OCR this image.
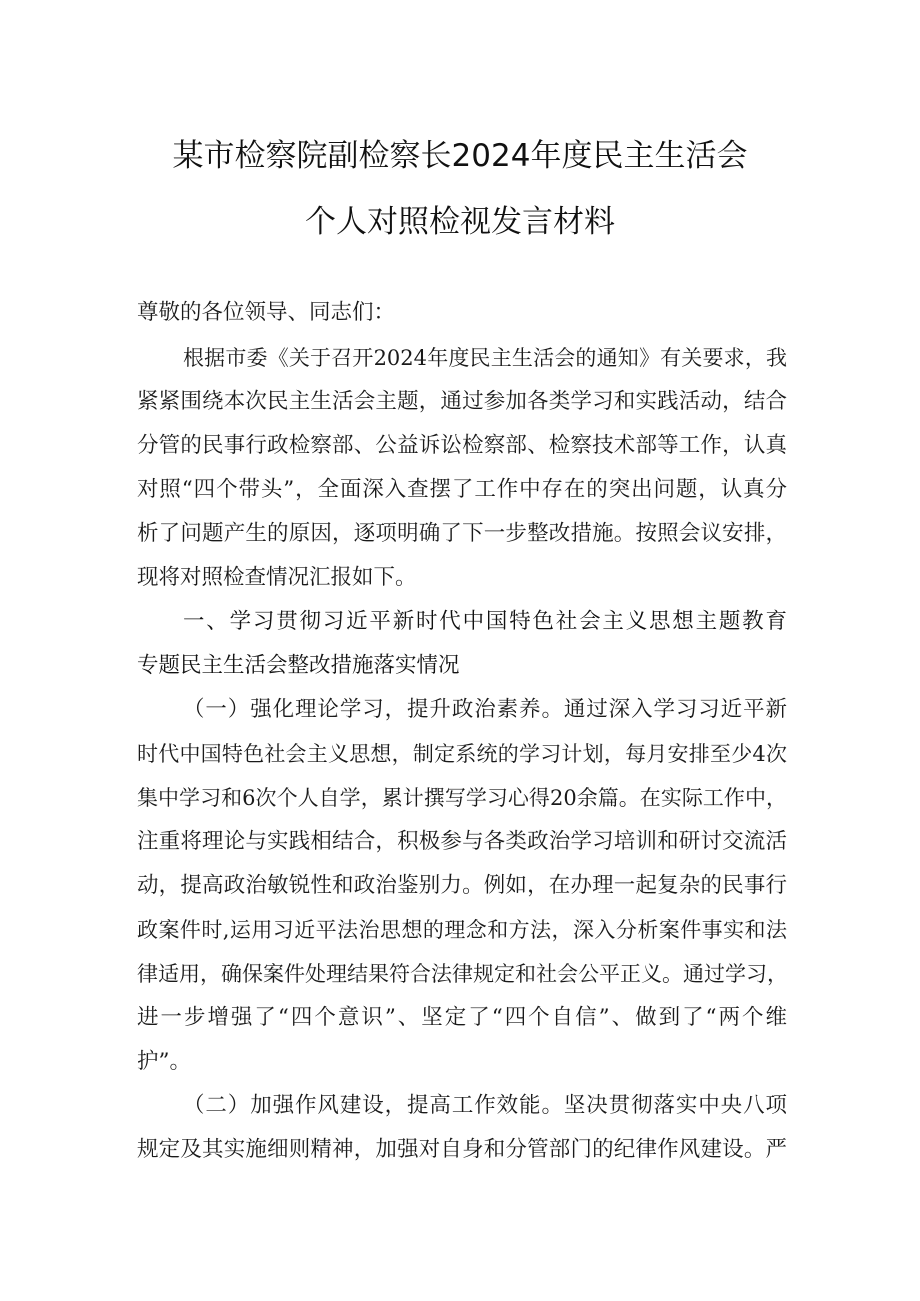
某市检察院副检察长2024年度民主生活会
个人对照检视发言材料
尊敬的各位领导、同志们：
根据市委《关于召开2024年度民主生活会的通知》有关要求，我
紧紧围绕本次民主生活会主题，通过参加各类学习和实践活动，结合
分管的民事行政检察部、公益诉讼检察部、检察技术部等工作，认真
对照“四个带头”，全面深入查摆了工作中存在的突出问题，认真分
析了问题产生的原因，逐项明确了下一步整改措施。按照会议安排，
现将对照检查情况汇报如下。
一、学习贯彻习近平新时代中国特色社会主义思想主题教育
专题民主生活会整改措施落实情况
（一）强化理论学习，提升政治素养。通过深入学习习近平新
时代中国特色社会主义思想，制定系统的学习计划，每月安排至少4次
集中学习和6次个人自学，累计撰写学习心得20余篇。在实际工作中，
注重将理论与实践相结合，积极参与各类政治学习培训和研讨交流活
动，提高政治敏锐性和政治鉴别力。例如，在办理一起复杂的民事行
政案件时,运用习近平法治思想的理念和方法，深入分析案件事实和法
律适用，确保案件处理结果符合法律规定和社会公平正义。通过学习，
进一步增强了“四个意识”、坚定了“四个自信”、做到了“两个维
护”。
（二）加强作风建设，提高工作效能。坚决贯彻落实中央八项
规定及其实施细则精神，加强对自身和分管部门的纪律作风建设。严
